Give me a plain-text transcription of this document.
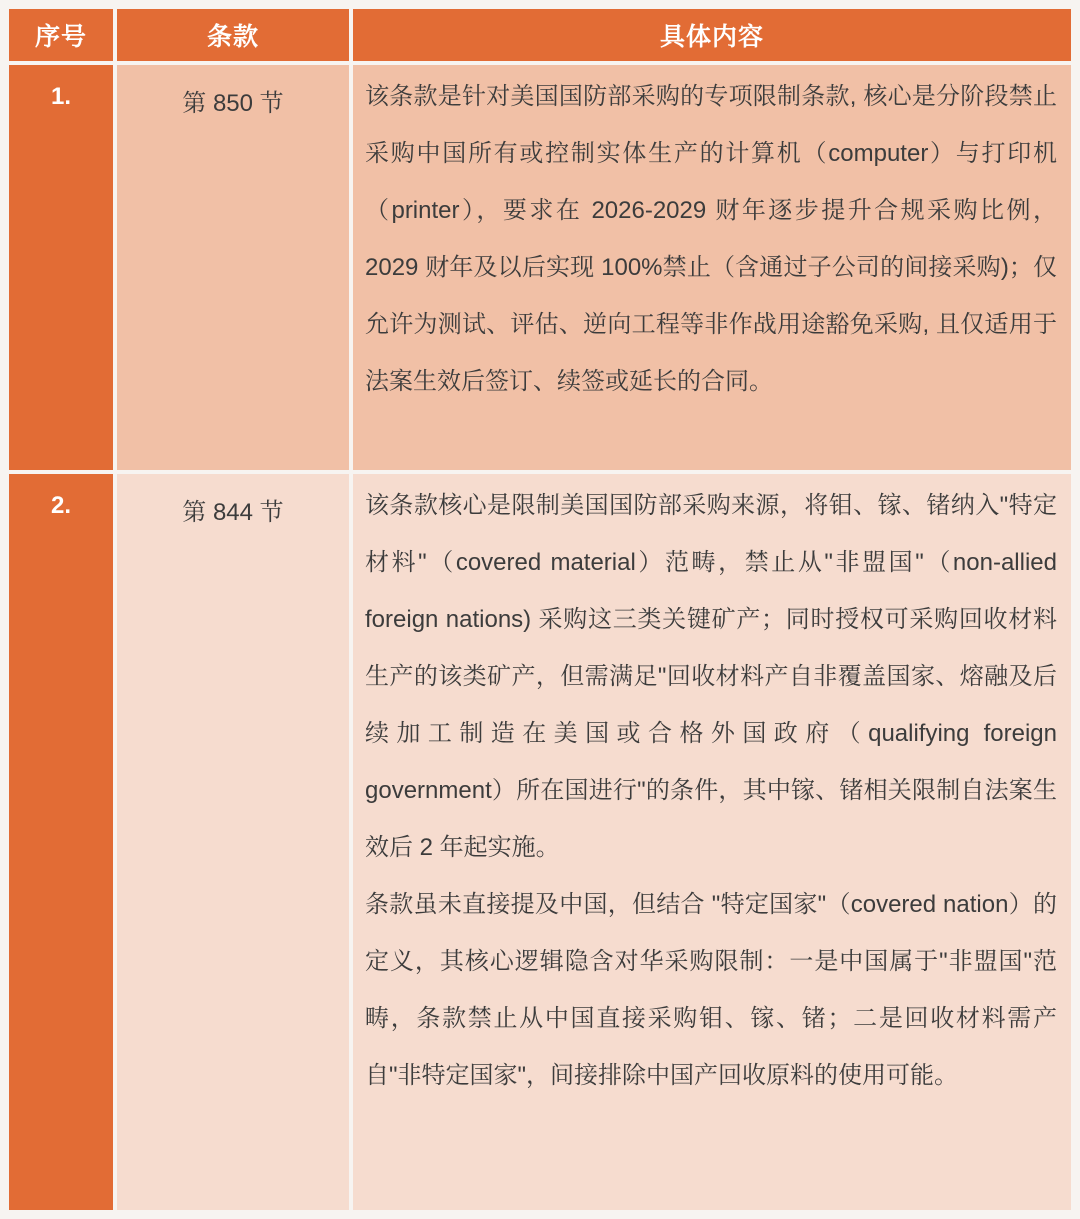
序号	条款	具体内容
1.	第 850 节	该条款是针对美国国防部采购的专项限制条款, 核心是分阶段禁止采购中国所有或控制实体生产的计算机（computer）与打印机（printer），要求在 2026-2029 财年逐步提升合规采购比例，2029 财年及以后实现 100%禁止（含通过子公司的间接采购)；仅允许为测试、评估、逆向工程等非作战用途豁免采购, 且仅适用于法案生效后签订、续签或延长的合同。

2.	第 844 节	该条款核心是限制美国国防部采购来源，将钼、镓、锗纳入"特定材料"（covered material）范畴，禁止从"非盟国"（non-allied foreign nations) 采购这三类关键矿产；同时授权可采购回收材料生产的该类矿产，但需满足"回收材料产自非覆盖国家、熔融及后续加工制造在美国或合格外国政府（qualifying foreign government）所在国进行"的条件，其中镓、锗相关限制自法案生效后 2 年起实施。

条款虽未直接提及中国，但结合 "特定国家"（covered nation）的定义，其核心逻辑隐含对华采购限制：一是中国属于"非盟国"范畴，条款禁止从中国直接采购钼、镓、锗；二是回收材料需产自"非特定国家"，间接排除中国产回收原料的使用可能。
